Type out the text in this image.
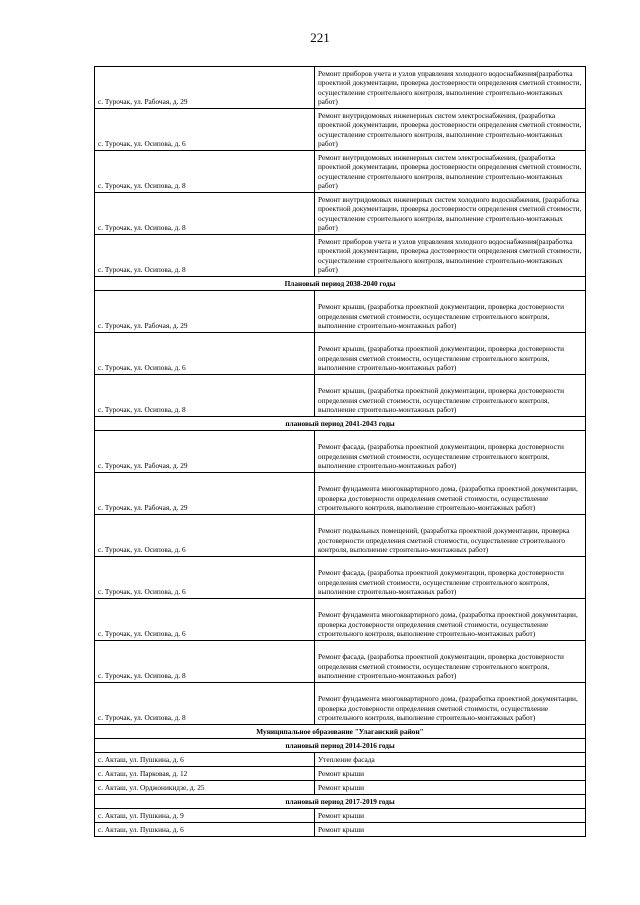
221
с. Турочак, ул. Рабочая, д. 29	Ремонт приборов учета и узлов управления холодного водоснабжения(разработка проектной документации, проверка достоверности определения сметной стоимости, осуществление строительного контроля, выполнение строительно-монтажных работ)
с. Турочак, ул. Осипова, д. 6	Ремонт внутридомовых инженерных систем электроснабжения, (разработка проектной документации, проверка достоверности определения сметной стоимости, осуществление строительного контроля, выполнение строительно-монтажных работ)
с. Турочак, ул. Осипова, д. 8	Ремонт внутридомовых инженерных систем электроснабжения, (разработка проектной документации, проверка достоверности определения сметной стоимости, осуществление строительного контроля, выполнение строительно-монтажных работ)
с. Турочак, ул. Осипова, д. 8	Ремонт внутридомовых инженерных систем холодного водоснабжения, (разработка проектной документации, проверка достоверности определения сметной стоимости, осуществление строительного контроля, выполнение строительно-монтажных работ)
с. Турочак, ул. Осипова, д. 8	Ремонт приборов учета и узлов управления холодного водоснабжения(разработка проектной документации, проверка достоверности определения сметной стоимости, осуществление строительного контроля, выполнение строительно-монтажных работ)
Плановый период 2038-2040 годы	
с. Турочак, ул. Рабочая, д. 29	Ремонт крыши, (разработка проектной документации, проверка достоверности определения сметной стоимости, осуществление строительного контроля, выполнение строительно-монтажных работ)
с. Турочак, ул. Осипова, д. 6	Ремонт крыши, (разработка проектной документации, проверка достоверности определения сметной стоимости, осуществление строительного контроля, выполнение строительно-монтажных работ)
с. Турочак, ул. Осипова, д. 8	Ремонт крыши, (разработка проектной документации, проверка достоверности определения сметной стоимости, осуществление строительного контроля, выполнение строительно-монтажных работ)
плановый период 2041-2043 годы	
с. Турочак, ул. Рабочая, д. 29	Ремонт фасада, (разработка проектной документации, проверка достоверности определения сметной стоимости, осуществление строительного контроля, выполнение строительно-монтажных работ)
с. Турочак, ул. Рабочая, д. 29	Ремонт фундамента многоквартирного дома, (разработка проектной документации, проверка достоверности определения сметной стоимости, осуществление строительного контроля, выполнение строительно-монтажных работ)
с. Турочак, ул. Осипова, д. 6	Ремонт подвальных помещений, (разработка проектной документации, проверка достоверности определения сметной стоимости, осуществление строительного контроля, выполнение строительно-монтажных работ)
с. Турочак, ул. Осипова, д. 6	Ремонт фасада, (разработка проектной документации, проверка достоверности определения сметной стоимости, осуществление строительного контроля, выполнение строительно-монтажных работ)
с. Турочак, ул. Осипова, д. 6	Ремонт фундамента многоквартирного дома, (разработка проектной документации, проверка достоверности определения сметной стоимости, осуществление строительного контроля, выполнение строительно-монтажных работ)
с. Турочак, ул. Осипова, д. 8	Ремонт фасада, (разработка проектной документации, проверка достоверности определения сметной стоимости, осуществление строительного контроля, выполнение строительно-монтажных работ)
с. Турочак, ул. Осипова, д. 8	Ремонт фундамента многоквартирного дома, (разработка проектной документации, проверка достоверности определения сметной стоимости, осуществление строительного контроля, выполнение строительно-монтажных работ)
Муниципальное образование "Улаганский район"	
плановый период 2014-2016 годы	
с. Акташ, ул. Пушкина, д. 6	Утепление фасада
с. Акташ, ул. Парковая, д. 12	Ремонт крыши
с. Акташ, ул. Орджоникидзе, д. 25	Ремонт крыши
плановый период 2017-2019 годы	
с. Акташ, ул. Пушкина, д. 9	Ремонт крыши
с. Акташ, ул. Пушкина, д. 6	Ремонт крыши
